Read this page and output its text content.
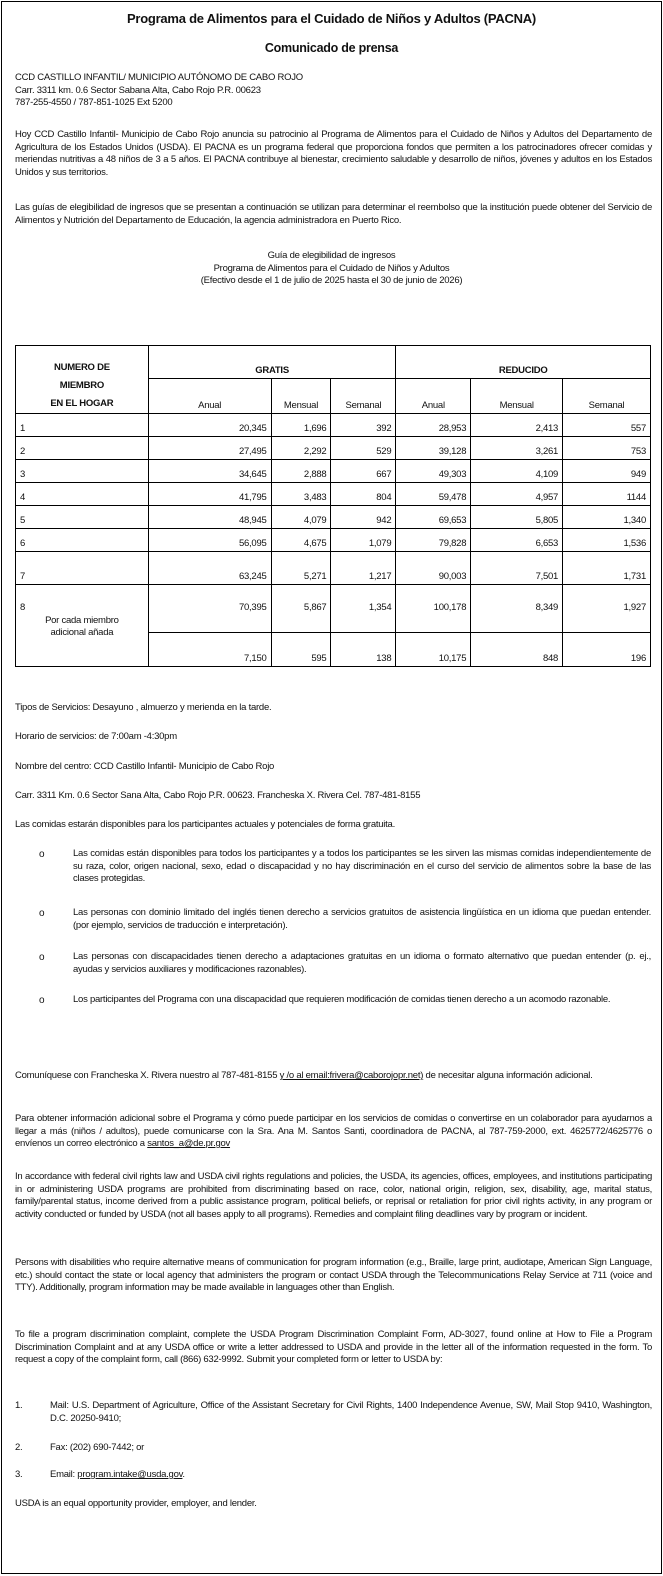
Programa de Alimentos para el Cuidado de Niños y Adultos (PACNA)
Comunicado de prensa
CCD CASTILLO INFANTIL/ MUNICIPIO AUTÓNOMO DE CABO ROJO
Carr. 3311 km. 0.6 Sector Sabana Alta, Cabo Rojo P.R. 00623
787-255-4550 / 787-851-1025 Ext 5200
Hoy CCD Castillo Infantil- Municipio de Cabo Rojo anuncia su patrocinio al Programa de Alimentos para el Cuidado de Niños y Adultos del Departamento de Agricultura de los Estados Unidos (USDA). El PACNA es un programa federal que proporciona fondos que permiten a los patrocinadores ofrecer comidas y meriendas nutritivas a 48 niños de 3 a 5 años. El PACNA contribuye al bienestar, crecimiento saludable y desarrollo de niños, jóvenes y adultos en los Estados Unidos y sus territorios.
Las guías de elegibilidad de ingresos que se presentan a continuación se utilizan para determinar el reembolso que la institución puede obtener del Servicio de Alimentos y Nutrición del Departamento de Educación, la agencia administradora en Puerto Rico.
Guía de elegibilidad de ingresos
Programa de Alimentos para el Cuidado de Niños y Adultos
(Efectivo desde el 1 de julio de 2025 hasta el 30 de junio de 2026)
NUMERO DE
MIEMBRO
EN EL HOGAR	GRATIS			REDUCIDO		
	Anual	Mensual	Semanal	Anual	Mensual	Semanal
1	20,345	1,696	392	28,953	2,413	557
2	27,495	2,292	529	39,128	3,261	753
3	34,645	2,888	667	49,303	4,109	949
4	41,795	3,483	804	59,478	4,957	1144
5	48,945	4,079	942	69,653	5,805	1,340
6	56,095	4,675	1,079	79,828	6,653	1,536
7	63,245	5,271	1,217	90,003	7,501	1,731
8	70,395	5,867	1,354	100,178	8,349	1,927

Por cada miembro
adicional añada						

	7,150	595	138	10,175	848	196
Tipos de Servicios: Desayuno , almuerzo y merienda en la tarde.
Horario de servicios: de 7:00am -4:30pm
Nombre del centro: CCD Castillo Infantil- Municipio de Cabo Rojo
Carr. 3311 Km. 0.6 Sector Sana Alta, Cabo Rojo P.R. 00623. Francheska X. Rivera Cel. 787-481-8155
Las comidas estarán disponibles para los participantes actuales y potenciales de forma gratuita.
o	Las comidas están disponibles para todos los participantes y a todos los participantes se les sirven las mismas comidas independientemente de su raza, color, origen nacional, sexo, edad o discapacidad y no hay discriminación en el curso del servicio de alimentos sobre la base de las clases protegidas.
o	Las personas con dominio limitado del inglés tienen derecho a servicios gratuitos de asistencia lingüística en un idioma que puedan entender. (por ejemplo, servicios de traducción e interpretación).
o	Las personas con discapacidades tienen derecho a adaptaciones gratuitas en un idioma o formato alternativo que puedan entender (p. ej., ayudas y servicios auxiliares y modificaciones razonables).
o	Los participantes del Programa con una discapacidad que requieren modificación de comidas tienen derecho a un acomodo razonable.
Comuníquese con Francheska X. Rivera nuestro al 787-481-8155 y /o al email:frivera@caborojopr.net) de necesitar alguna información adicional.
Para obtener información adicional sobre el Programa y cómo puede participar en los servicios de comidas o convertirse en un colaborador para ayudarnos a llegar a más (niños / adultos), puede comunicarse con la Sra. Ana M. Santos Santi, coordinadora de PACNA, al 787-759-2000, ext. 4625772/4625776 o envíenos un correo electrónico a santos_a@de.pr.gov
In accordance with federal civil rights law and USDA civil rights regulations and policies, the USDA, its agencies, offices, employees, and institutions participating in or administering USDA programs are prohibited from discriminating based on race, color, national origin, religion, sex, disability, age, marital status, family/parental status, income derived from a public assistance program, political beliefs, or reprisal or retaliation for prior civil rights activity, in any program or activity conducted or funded by USDA (not all bases apply to all programs). Remedies and complaint filing deadlines vary by program or incident.
Persons with disabilities who require alternative means of communication for program information (e.g., Braille, large print, audiotape, American Sign Language, etc.) should contact the state or local agency that administers the program or contact USDA through the Telecommunications Relay Service at 711 (voice and TTY). Additionally, program information may be made available in languages other than English.
To file a program discrimination complaint, complete the USDA Program Discrimination Complaint Form, AD-3027, found online at How to File a Program Discrimination Complaint and at any USDA office or write a letter addressed to USDA and provide in the letter all of the information requested in the form. To request a copy of the complaint form, call (866) 632-9992. Submit your completed form or letter to USDA by:
1.	Mail: U.S. Department of Agriculture, Office of the Assistant Secretary for Civil Rights, 1400 Independence Avenue, SW, Mail Stop 9410, Washington, D.C. 20250-9410;
2.	Fax: (202) 690-7442; or
3.	Email: program.intake@usda.gov.
USDA is an equal opportunity provider, employer, and lender.
